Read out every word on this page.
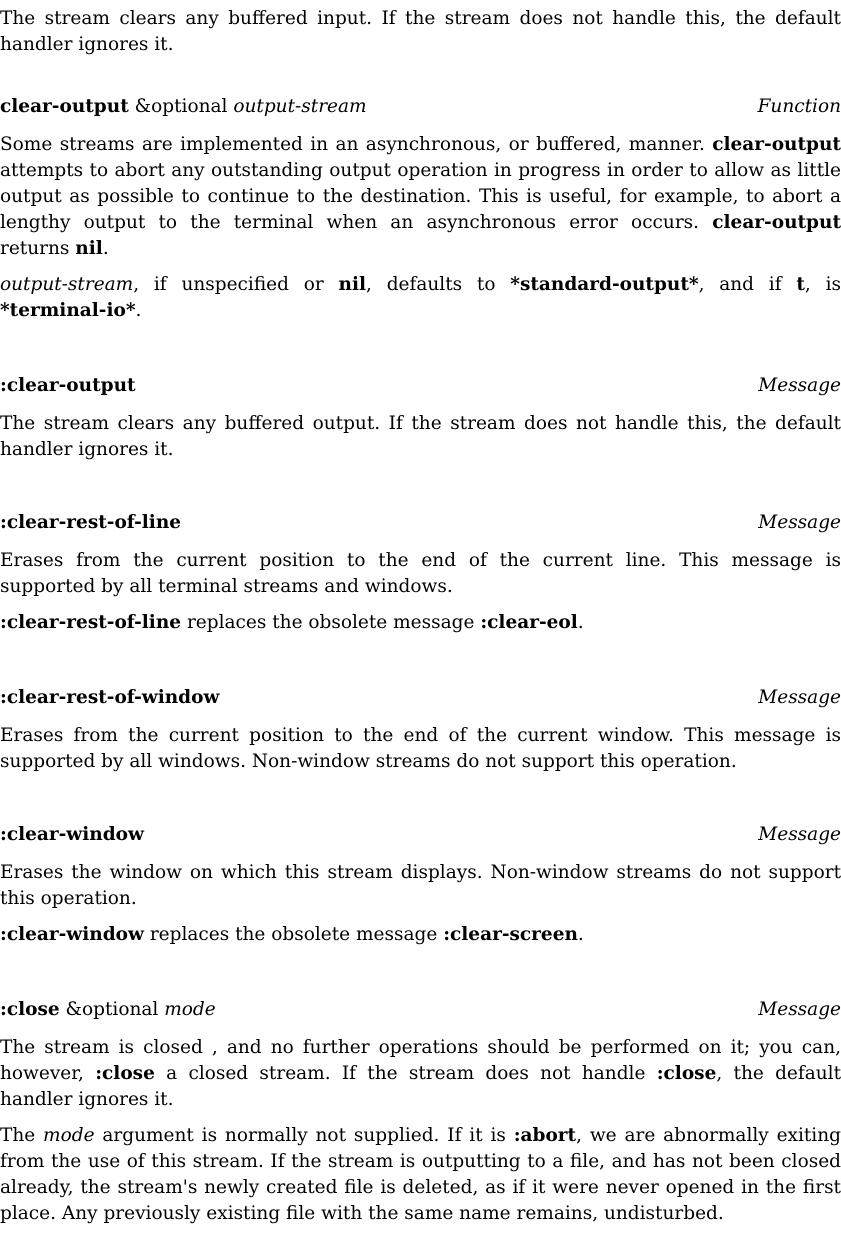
The stream clears any buffered input. If the stream does not handle this, the default handler ignores it.

clear-output &optional output-stream	Function

Some streams are implemented in an asynchronous, or buffered, manner. clear-output attempts to abort any outstanding output operation in progress in order to allow as little output as possible to continue to the destination. This is useful, for example, to abort a lengthy output to the terminal when an asynchronous error occurs. clear-output returns nil.

output-stream, if unspecified or nil, defaults to *standard-output*, and if t, is *terminal-io*.

:clear-output	Message

The stream clears any buffered output. If the stream does not handle this, the default handler ignores it.

:clear-rest-of-line	Message

Erases from the current position to the end of the current line. This message is supported by all terminal streams and windows.

:clear-rest-of-line replaces the obsolete message :clear-eol.

:clear-rest-of-window	Message

Erases from the current position to the end of the current window. This message is supported by all windows. Non-window streams do not support this operation.

:clear-window	Message

Erases the window on which this stream displays. Non-window streams do not support this operation.

:clear-window replaces the obsolete message :clear-screen.

:close &optional mode	Message

The stream is closed , and no further operations should be performed on it; you can, however, :close a closed stream. If the stream does not handle :close, the default handler ignores it.

The mode argument is normally not supplied. If it is :abort, we are abnormally exiting from the use of this stream. If the stream is outputting to a file, and has not been closed already, the stream's newly created file is deleted, as if it were never opened in the first place. Any previously existing file with the same name remains, undisturbed.
